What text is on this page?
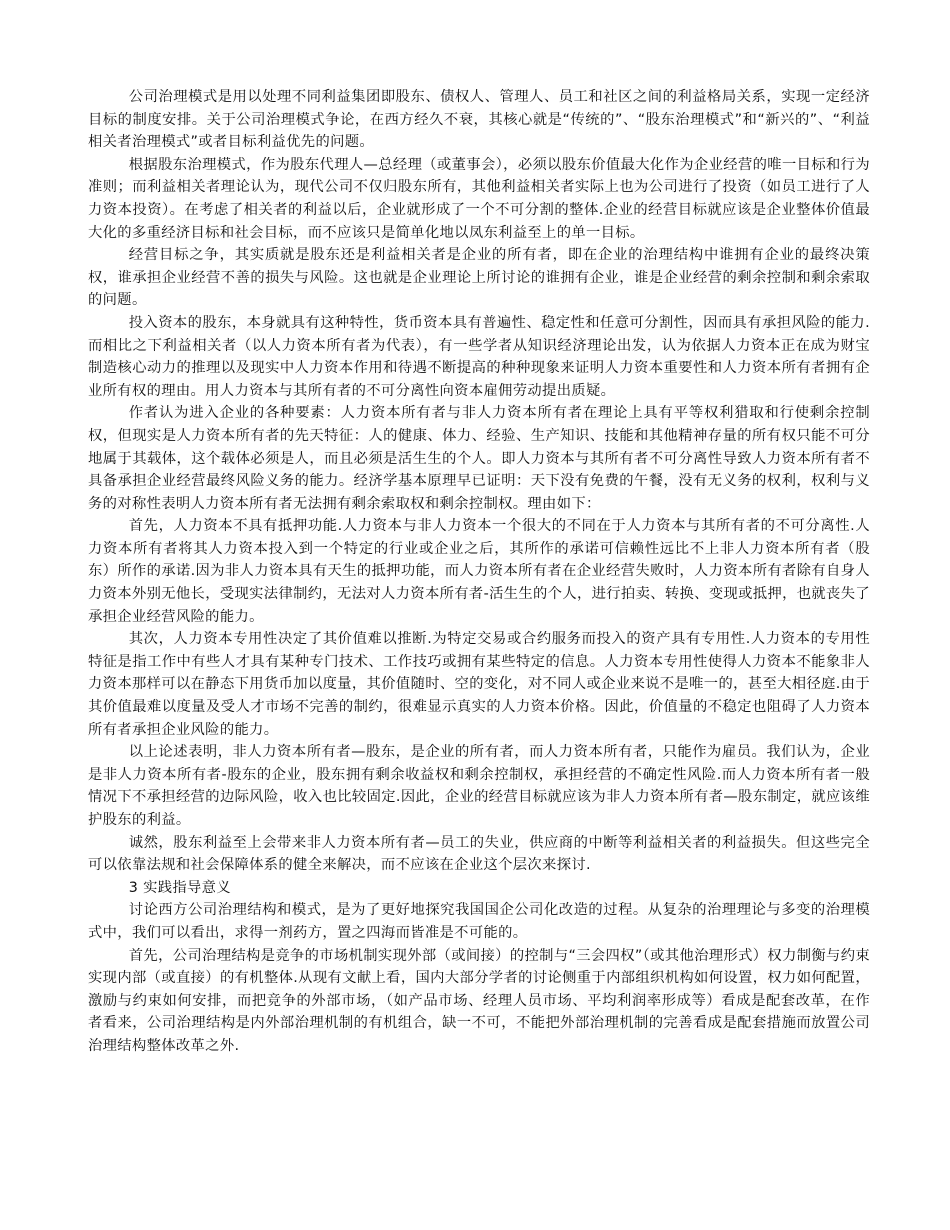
公司治理模式是用以处理不同利益集团即股东、债权人、管理人、员工和社区之间的利益格局关系，实现一定经济目标的制度安排。关于公司治理模式争论，在西方经久不衰，其核心就是“传统的”、“股东治理模式”和“新兴的”、“利益相关者治理模式”或者目标利益优先的问题。

根据股东治理模式，作为股东代理人—总经理（或董事会），必须以股东价值最大化作为企业经营的唯一目标和行为准则；而利益相关者理论认为，现代公司不仅归股东所有，其他利益相关者实际上也为公司进行了投资（如员工进行了人力资本投资）。在考虑了相关者的利益以后，企业就形成了一个不可分割的整体.企业的经营目标就应该是企业整体价值最大化的多重经济目标和社会目标，而不应该只是简单化地以凤东利益至上的单一目标。

经营目标之争，其实质就是股东还是利益相关者是企业的所有者，即在企业的治理结构中谁拥有企业的最终决策权，谁承担企业经营不善的损失与风险。这也就是企业理论上所讨论的谁拥有企业，谁是企业经营的剩余控制和剩余索取的问题。

投入资本的股东，本身就具有这种特性，货币资本具有普遍性、稳定性和任意可分割性，因而具有承担风险的能力.而相比之下利益相关者（以人力资本所有者为代表），有一些学者从知识经济理论出发，认为依据人力资本正在成为财宝制造核心动力的推理以及现实中人力资本作用和待遇不断提高的种种现象来证明人力资本重要性和人力资本所有者拥有企业所有权的理由。用人力资本与其所有者的不可分离性向资本雇佣劳动提出质疑。

作者认为进入企业的各种要素：人力资本所有者与非人力资本所有者在理论上具有平等权利猎取和行使剩余控制权，但现实是人力资本所有者的先天特征：人的健康、体力、经验、生产知识、技能和其他精神存量的所有权只能不可分地属于其载体，这个载体必须是人，而且必须是活生生的个人。即人力资本与其所有者不可分离性导致人力资本所有者不具备承担企业经营最终风险义务的能力。经济学基本原理早已证明：天下没有免费的午餐，没有无义务的权利，权利与义务的对称性表明人力资本所有者无法拥有剩余索取权和剩余控制权。理由如下：

首先，人力资本不具有抵押功能.人力资本与非人力资本一个很大的不同在于人力资本与其所有者的不可分离性.人力资本所有者将其人力资本投入到一个特定的行业或企业之后，其所作的承诺可信赖性远比不上非人力资本所有者（股东）所作的承诺.因为非人力资本具有天生的抵押功能，而人力资本所有者在企业经营失败时，人力资本所有者除有自身人力资本外别无他长，受现实法律制约，无法对人力资本所有者-活生生的个人，进行拍卖、转换、变现或抵押，也就丧失了承担企业经营风险的能力。

其次，人力资本专用性决定了其价值难以推断.为特定交易或合约服务而投入的资产具有专用性.人力资本的专用性特征是指工作中有些人才具有某种专门技术、工作技巧或拥有某些特定的信息。人力资本专用性使得人力资本不能象非人力资本那样可以在静态下用货币加以度量，其价值随时、空的变化，对不同人或企业来说不是唯一的，甚至大相径庭.由于其价值最难以度量及受人才市场不完善的制约，很难显示真实的人力资本价格。因此，价值量的不稳定也阻碍了人力资本所有者承担企业风险的能力。

以上论述表明，非人力资本所有者—股东，是企业的所有者，而人力资本所有者，只能作为雇员。我们认为，企业是非人力资本所有者-股东的企业，股东拥有剩余收益权和剩余控制权，承担经营的不确定性风险.而人力资本所有者一般情况下不承担经营的边际风险，收入也比较固定.因此，企业的经营目标就应该为非人力资本所有者—股东制定，就应该维护股东的利益。

诚然，股东利益至上会带来非人力资本所有者—员工的失业，供应商的中断等利益相关者的利益损失。但这些完全可以依靠法规和社会保障体系的健全来解决，而不应该在企业这个层次来探讨.

3 实践指导意义

讨论西方公司治理结构和模式，是为了更好地探究我国国企公司化改造的过程。从复杂的治理理论与多变的治理模式中，我们可以看出，求得一剂药方，置之四海而皆准是不可能的。

首先，公司治理结构是竞争的市场机制实现外部（或间接）的控制与“三会四权”（或其他治理形式）权力制衡与约束实现内部（或直接）的有机整体.从现有文献上看，国内大部分学者的讨论侧重于内部组织机构如何设置，权力如何配置，激励与约束如何安排，而把竞争的外部市场，（如产品市场、经理人员市场、平均利润率形成等）看成是配套改革，在作者看来，公司治理结构是内外部治理机制的有机组合，缺一不可，不能把外部治理机制的完善看成是配套措施而放置公司治理结构整体改革之外.
